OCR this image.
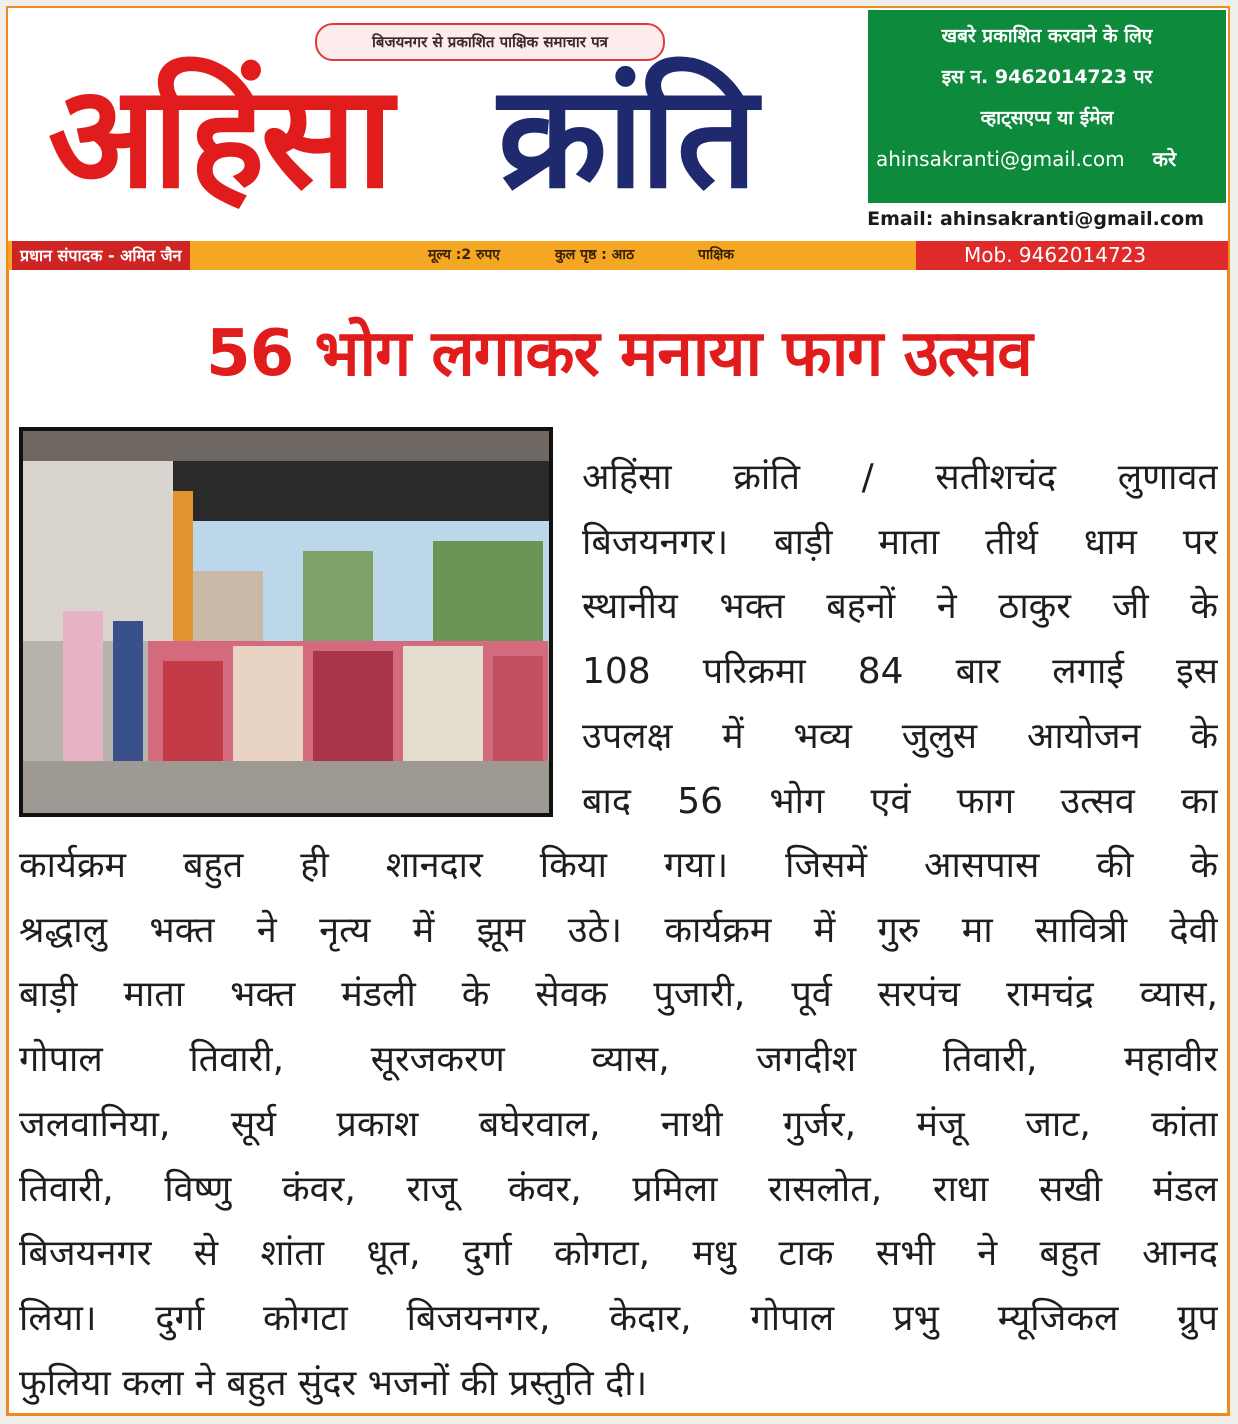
बिजयनगर से प्रकाशित पाक्षिक समाचार पत्र
अहिंसा क्रांति
खबरे प्रकाशित करवाने के लिए
इस न. 9462014723 पर
व्हाट्सएप्प या ईमेल
ahinsakranti@gmail.com करे
Email: ahinsakranti@gmail.com
प्रधान संपादक - अमित जैन	मूल्य :2 रुपए	कुल पृष्ठ : आठ	पाक्षिक	Mob. 9462014723
56 भोग लगाकर मनाया फाग उत्सव
अहिंसा क्रांति / सतीशचंद लुणावत
बिजयनगर। बाड़ी माता तीर्थ धाम पर
स्थानीय भक्त बहनों ने ठाकुर जी के
108 परिक्रमा 84 बार लगाई इस
उपलक्ष में भव्य जुलुस आयोजन के
बाद 56 भोग एवं फाग उत्सव का
कार्यक्रम बहुत ही शानदार किया गया। जिसमें आसपास की के
श्रद्धालु भक्त ने नृत्य में झूम उठे। कार्यक्रम में गुरु मा सावित्री देवी
बाड़ी माता भक्त मंडली के सेवक पुजारी, पूर्व सरपंच रामचंद्र व्यास,
गोपाल तिवारी, सूरजकरण व्यास, जगदीश तिवारी, महावीर
जलवानिया, सूर्य प्रकाश बघेरवाल, नाथी गुर्जर, मंजू जाट, कांता
तिवारी, विष्णु कंवर, राजू कंवर, प्रमिला रासलोत, राधा सखी मंडल
बिजयनगर से शांता धूत, दुर्गा कोगटा, मधु टाक सभी ने बहुत आनद
लिया। दुर्गा कोगटा बिजयनगर, केदार, गोपाल प्रभु म्यूजिकल ग्रुप
फुलिया कला ने बहुत सुंदर भजनों की प्रस्तुति दी।
